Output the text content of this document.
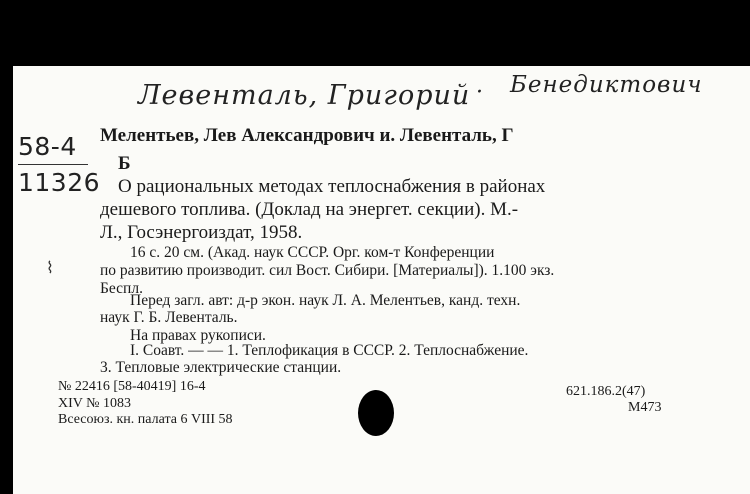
Левенталь, Григорий · Бенедиктович
58-4
11326
Мелентьев, Лев Александрович и. Левенталь, Г
Б
О рациональных методах теплоснабжения в районах
дешевого топлива. (Доклад на энергет. секции). М.-
Л., Госэнергоиздат, 1958.
16 с. 20 см. (Акад. наук СССР. Орг. ком-т Конференции
по развитию производит. сил Вост. Сибири. [Материалы]). 1.100 экз.
Беспл.
Перед загл. авт: д-р экон. наук Л. А. Мелентьев, канд. техн.
наук Г. Б. Левенталь.
На правах рукописи.
I. Соавт. — — 1. Теплофикация в СССР. 2. Теплоснабжение.
3. Тепловые электрические станции.
№ 22416 [58-40419] 16-4
XIV № 1083
Всесоюз. кн. палата 6 VIII 58
621.186.2(47)
М473
⌇
